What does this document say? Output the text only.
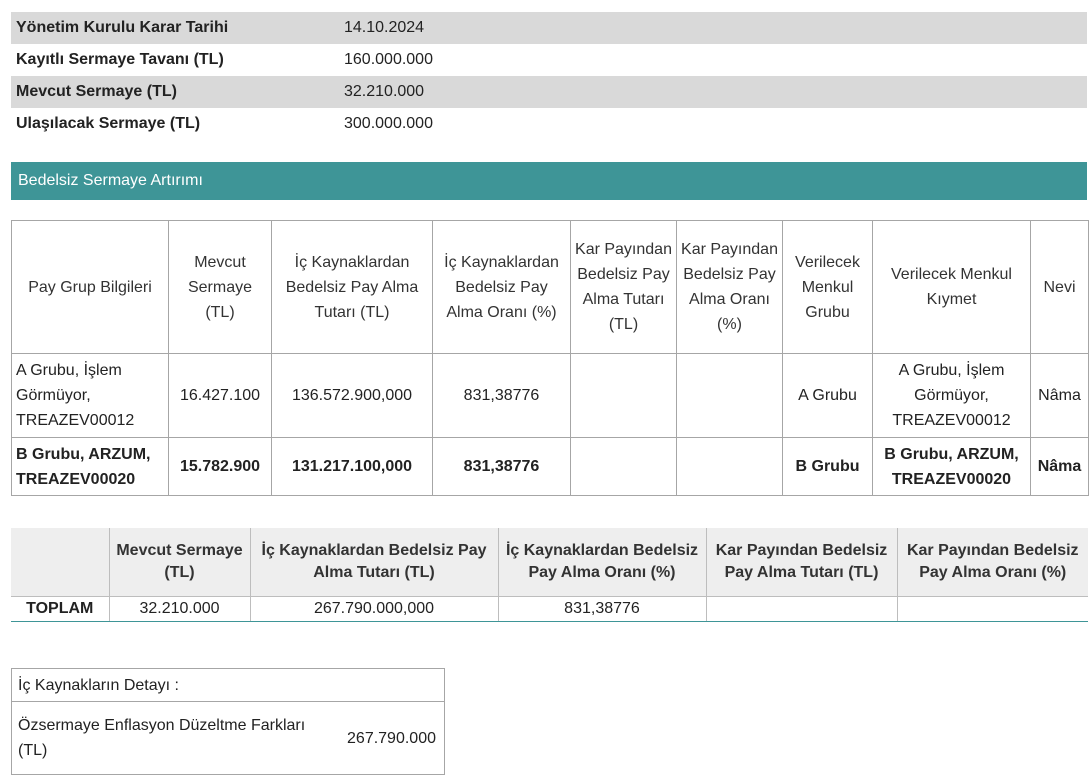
Yönetim Kurulu Karar Tarihi	14.10.2024
Kayıtlı Sermaye Tavanı (TL)	160.000.000
Mevcut Sermaye (TL)	32.210.000
Ulaşılacak Sermaye (TL)	300.000.000
Bedelsiz Sermaye Artırımı
Pay Grup Bilgileri	Mevcut Sermaye (TL)	İç Kaynaklardan Bedelsiz Pay Alma Tutarı (TL)	İç Kaynaklardan Bedelsiz Pay Alma Oranı (%)	Kar Payından Bedelsiz Pay Alma Tutarı (TL)	Kar Payından Bedelsiz Pay Alma Oranı (%)	Verilecek Menkul Grubu	Verilecek Menkul Kıymet	Nevi
A Grubu, İşlem Görmüyor, TREAZEV00012	16.427.100	136.572.900,000	831,38776			A Grubu	A Grubu, İşlem Görmüyor, TREAZEV00012	Nâma
B Grubu, ARZUM, TREAZEV00020	15.782.900	131.217.100,000	831,38776			B Grubu	B Grubu, ARZUM, TREAZEV00020	Nâma
	Mevcut Sermaye (TL)	İç Kaynaklardan Bedelsiz Pay Alma Tutarı (TL)	İç Kaynaklardan Bedelsiz Pay Alma Oranı (%)	Kar Payından Bedelsiz Pay Alma Tutarı (TL)	Kar Payından Bedelsiz Pay Alma Oranı (%)
TOPLAM	32.210.000	267.790.000,000	831,38776		
İç Kaynakların Detayı :
Özsermaye Enflasyon Düzeltme Farkları (TL)	267.790.000
